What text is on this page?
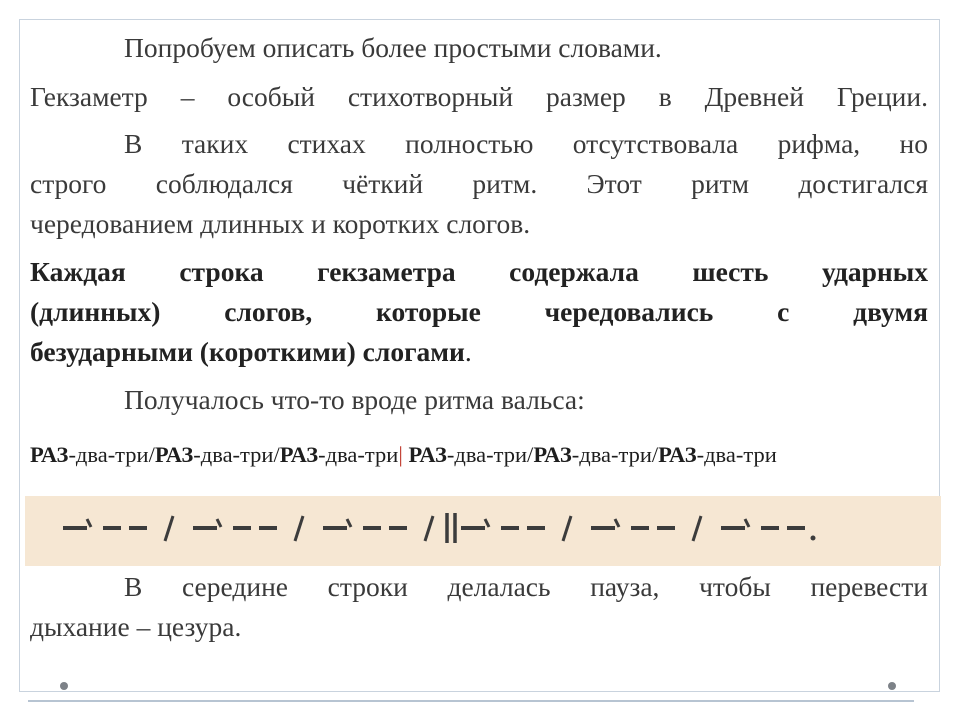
Попробуем описать более простыми словами.

Гекзаметр – особый стихотворный размер в Древней Греции.

В таких стихах полностью отсутствовала рифма, но
строго соблюдался чёткий ритм. Этот ритм достигался
чередованием длинных и коротких слогов.

Каждая строка гекзаметра содержала шесть ударных
(длинных) слогов, которые чередовались с двумя
безударными (короткими) слогами.

Получалось что-то вроде ритма вальса:

РАЗ-два-три/РАЗ-два-три/РАЗ-два-три| РАЗ-два-три/РАЗ-два-три/РАЗ-два-три

В середине строки делалась пауза, чтобы перевести
дыхание – цезура.
